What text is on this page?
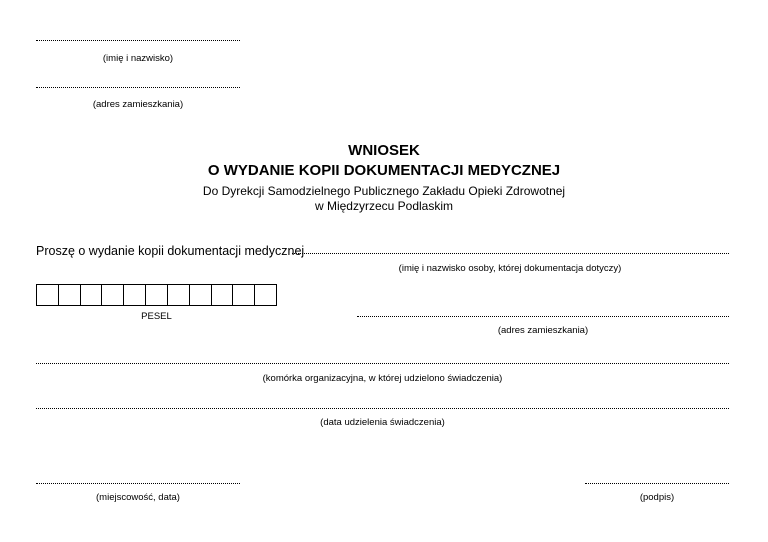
(imię i nazwisko)
(adres zamieszkania)
WNIOSEK
O WYDANIE KOPII DOKUMENTACJI MEDYCZNEJ
Do Dyrekcji Samodzielnego Publicznego Zakładu Opieki Zdrowotnej
w Międzyrzecu Podlaskim
Proszę o wydanie kopii dokumentacji medycznej
(imię i nazwisko osoby, której dokumentacja dotyczy)
PESEL
(adres zamieszkania)
(komórka organizacyjna, w której udzielono świadczenia)
(data udzielenia świadczenia)
(miejscowość, data)	(podpis)
